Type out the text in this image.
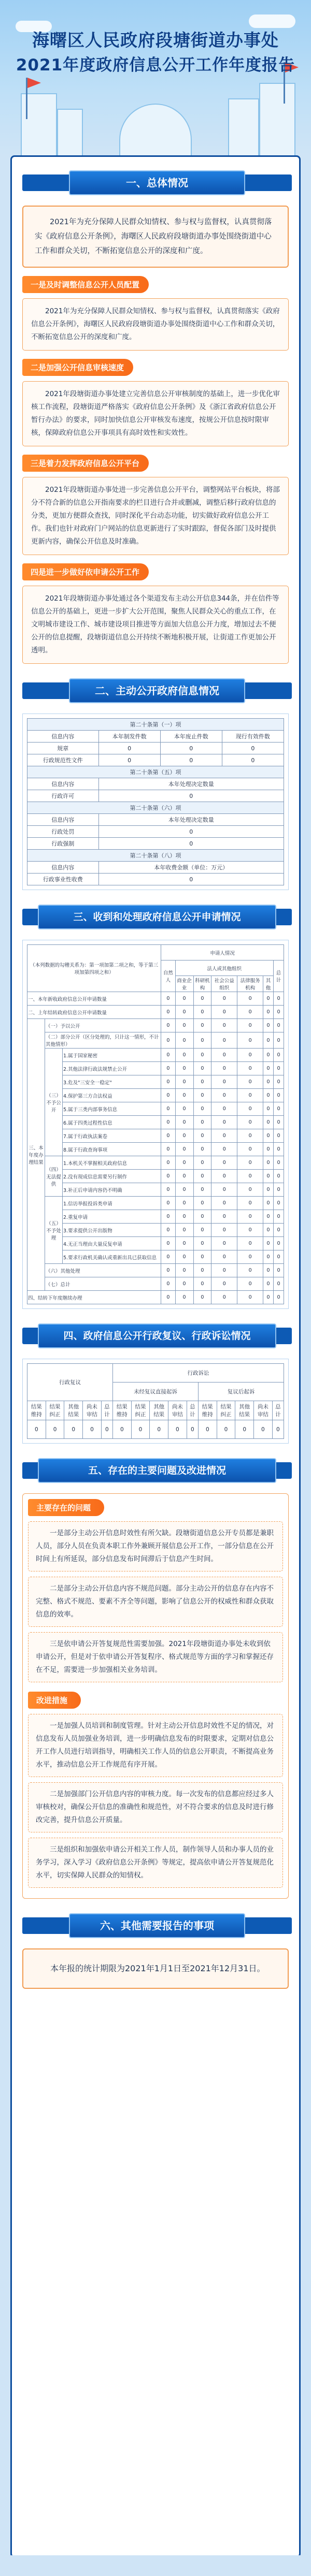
海曙区人民政府段塘街道办事处
2021年度政府信息公开工作年度报告
一、总体情况
2021年为充分保障人民群众知情权、参与权与监督权，认真贯彻落实《政府信息公开条例》，海曙区人民政府段塘街道办事处围绕街道中心工作和群众关切，不断拓宽信息公开的深度和广度。
一是及时调整信息公开人员配置
2021年为充分保障人民群众知情权、参与权与监督权，认真贯彻落实《政府信息公开条例》，海曙区人民政府段塘街道办事处围绕街道中心工作和群众关切，不断拓宽信息公开的深度和广度。
二是加强公开信息审核速度
2021年段塘街道办事处建立完善信息公开审核制度的基础上，进一步优化审核工作流程，段塘街道严格落实《政府信息公开条例》及《浙江省政府信息公开暂行办法》的要求，同时加快信息公开审核发布速度，按规公开信息按时限审核，保障政府信息公开事项具有高时效性和实效性。
三是着力发挥政府信息公开平台
2021年段塘街道办事处进一步完善信息公开平台，调整网站平台板块，将部分不符合新的信息公开指南要求的栏目进行合并或删减，调整后移行政府信息的分类，更加方便群众查找，同时深化平台动态功能，切实做好政府信息公开工作。我们也针对政府门户网站的信息更新进行了实时跟踪，督促各部门及时提供更新内容，确保公开信息及时准确。
四是进一步做好依申请公开工作
2021年段塘街道办事处通过各个渠道发布主动公开信息344条，并在信件等信息公开的基础上，更进一步扩大公开范围，聚焦人民群众关心的重点工作，在文明城市建设工作、城市建设项目推进等方面加大信息公开力度，增加过去不便公开的信息提醒，段塘街道信息公开持续不断地积极开展，让街道工作更加公开透明。
二、主动公开政府信息情况
第二十条第（一）项			
信息内容	本年制发件数	本年废止件数	现行有效件数
规章	0	0	0
行政规范性文件	0	0	0
第二十条第（五）项			
信息内容	本年处理决定数量		
行政许可	0		
第二十条第（六）项			
信息内容	本年处理决定数量		
行政处罚	0		
行政强制	0		
第二十条第（八）项			
信息内容	本年收费金额（单位：万元）		
行政事业性收费	0		
三、收到和处理政府信息公开申请情况
（本列数据的勾稽关系为：第一项加第二项之和，等于第三项加第四项之和）			申请人情况						
			自然人	法人或其他组织					总计
				商业企业	科研机构	社会公益组织	法律服务机构	其他	
一、本年新收政府信息公开申请数量			0	0	0	0	0	0	0
二、上年结转政府信息公开申请数量			0	0	0	0	0	0	0
三、本年度办理结果	（一）予以公开		0	0	0	0	0	0	0
	（二）部分公开（区分处理的，只计这一情形，不计其他情形）		0	0	0	0	0	0	0
	（三）不予公开	1.属于国家秘密	0	0	0	0	0	0	0
		2.其他法律行政法规禁止公开	0	0	0	0	0	0	0
		3.危及"三安全一稳定"	0	0	0	0	0	0	0
		4.保护第三方合法权益	0	0	0	0	0	0	0
		5.属于三类内部事务信息	0	0	0	0	0	0	0
		6.属于四类过程性信息	0	0	0	0	0	0	0
		7.属于行政执法案卷	0	0	0	0	0	0	0
		8.属于行政查询事项	0	0	0	0	0	0	0
	（四）无法提供	1.本机关不掌握相关政府信息	0	0	0	0	0	0	0
		2.没有现成信息需要另行制作	0	0	0	0	0	0	0
		3.补正后申请内容仍不明确	0	0	0	0	0	0	0
	（五）不予处理	1.信访举报投诉类申请	0	0	0	0	0	0	0
		2.重复申请	0	0	0	0	0	0	0
		3.要求提供公开出版物	0	0	0	0	0	0	0
		4.无正当理由大量反复申请	0	0	0	0	0	0	0
		5.要求行政机关确认或重新出具已获取信息	0	0	0	0	0	0	0
	（六）其他处理		0	0	0	0	0	0	0
	（七）总计		0	0	0	0	0	0	0
四、结转下年度继续办理			0	0	0	0	0	0	0
四、政府信息公开行政复议、行政诉讼情况
行政复议					行政诉讼									
					未经复议直接起诉					复议后起诉				
结果维持	结果纠正	其他结果	尚未审结	总计	结果维持	结果纠正	其他结果	尚未审结	总计	结果维持	结果纠正	其他结果	尚未审结	总计
0	0	0	0	0	0	0	0	0	0	0	0	0	0	0
五、存在的主要问题及改进情况
主要存在的问题
一是部分主动公开信息时效性有所欠缺。段塘街道信息公开专员都是兼职人员，部分人员在负责本职工作外兼顾开展信息公开工作，一部分信息在公开时间上有所延误，部分信息发布时间滞后于信息产生时间。
二是部分主动公开信息内容不规范问题。部分主动公开的信息存在内容不完整、格式不规范、要素不齐全等问题，影响了信息公开的权威性和群众获取信息的效率。
三是依申请公开答复规范性需要加强。2021年段塘街道办事处未收到依申请公开，但是对于依申请公开答复程序、格式规范等方面的学习和掌握还存在不足，需要进一步加强相关业务培训。
改进措施
一是加强人员培训和制度管理。针对主动公开信息时效性不足的情况，对信息发布人员加强业务培训，进一步明确信息发布的时限要求，定期对信息公开工作人员进行培训指导，明确相关工作人员的信息公开职责，不断提高业务水平，推动信息公开工作规范有序开展。
二是加强部门公开信息内容的审核力度。每一次发布的信息都应经过多人审核校对，确保公开信息的准确性和规范性，对不符合要求的信息及时进行修改完善，提升信息公开质量。
三是组织和加强依申请公开相关工作人员，制作领导人员和办事人员的业务学习，深入学习《政府信息公开条例》等规定，提高依申请公开答复规范化水平，切实保障人民群众的知情权。
六、其他需要报告的事项
本年报的统计期限为2021年1月1日至2021年12月31日。
